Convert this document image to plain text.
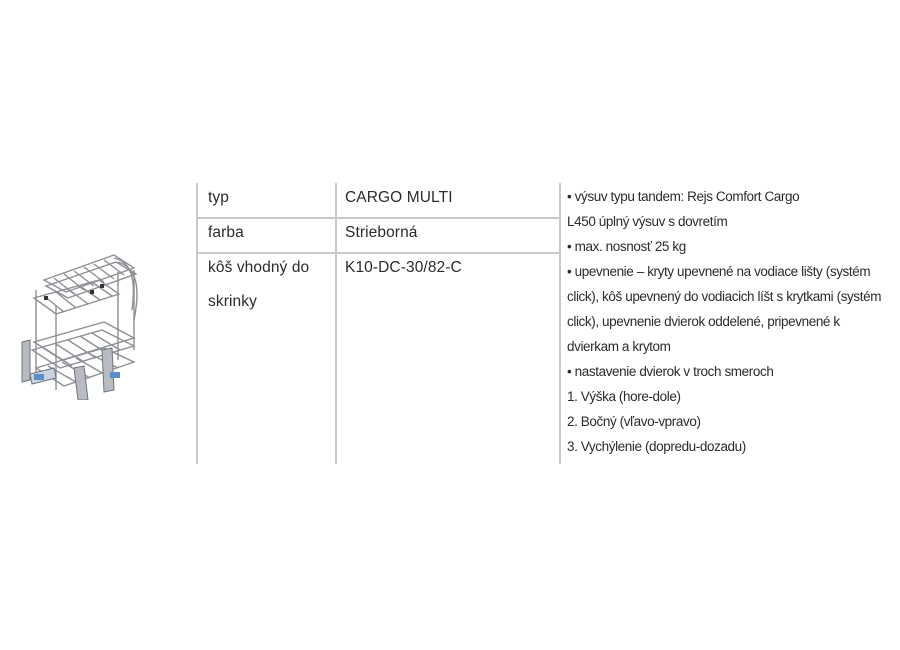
typ	CARGO MULTI
farba	Strieborná
kôš vhodný do
skrinky
K10-DC-30/82-C
• výsuv typu tandem: Rejs Comfort Cargo
L450 úplný výsuv s dovretím
• max. nosnosť 25 kg
• upevnenie – kryty upevnené na vodiace lišty (systém
click), kôš upevnený do vodiacich líšt s krytkami (systém
click), upevnenie dvierok oddelené, pripevnené k
dvierkam a krytom
• nastavenie dvierok v troch smeroch
1. Výška (hore-dole)
2. Bočný (vľavo-vpravo)
3. Vychýlenie (dopredu-dozadu)
